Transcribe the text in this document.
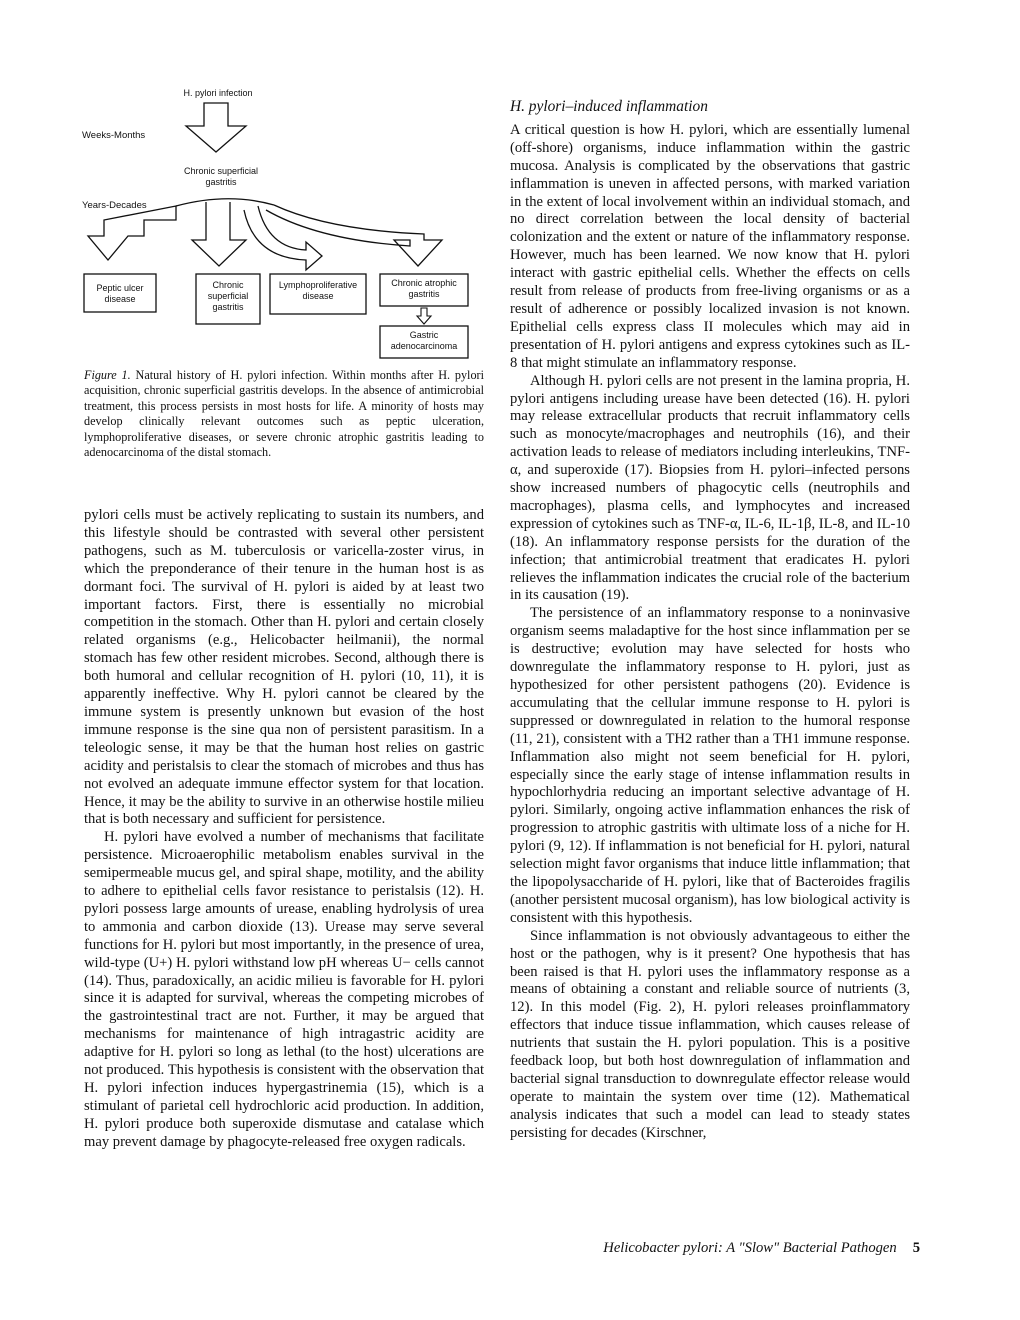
H. pylori infection
Weeks-Months
Years-Decades
Chronic superficial
gastritis
Peptic ulcer
disease
Chronic
superficial
gastritis
Lymphoproliferative
disease
Chronic atrophic
gastritis
Gastric
adenocarcinoma
Figure 1. Natural history of H. pylori infection. Within months after H. pylori acquisition, chronic superficial gastritis develops. In the absence of antimicrobial treatment, this process persists in most hosts for life. A minority of hosts may develop clinically relevant outcomes such as peptic ulceration, lymphoproliferative diseases, or severe chronic atrophic gastritis leading to adenocarcinoma of the distal stomach.

pylori cells must be actively replicating to sustain its numbers, and this lifestyle should be contrasted with several other persistent pathogens, such as M. tuberculosis or varicella-zoster virus, in which the preponderance of their tenure in the human host is as dormant foci. The survival of H. pylori is aided by at least two important factors. First, there is essentially no microbial competition in the stomach. Other than H. pylori and certain closely related organisms (e.g., Helicobacter heilmanii), the normal stomach has few other resident microbes. Second, although there is both humoral and cellular recognition of H. pylori (10, 11), it is apparently ineffective. Why H. pylori cannot be cleared by the immune system is presently unknown but evasion of the host immune response is the sine qua non of persistent parasitism. In a teleologic sense, it may be that the human host relies on gastric acidity and peristalsis to clear the stomach of microbes and thus has not evolved an adequate immune effector system for that location. Hence, it may be the ability to survive in an otherwise hostile milieu that is both necessary and sufficient for persistence.

H. pylori have evolved a number of mechanisms that facilitate persistence. Microaerophilic metabolism enables survival in the semipermeable mucus gel, and spiral shape, motility, and the ability to adhere to epithelial cells favor resistance to peristalsis (12). H. pylori possess large amounts of urease, enabling hydrolysis of urea to ammonia and carbon dioxide (13). Urease may serve several functions for H. pylori but most importantly, in the presence of urea, wild-type (U+) H. pylori withstand low pH whereas U− cells cannot (14). Thus, paradoxically, an acidic milieu is favorable for H. pylori since it is adapted for survival, whereas the competing microbes of the gastrointestinal tract are not. Further, it may be argued that mechanisms for maintenance of high intragastric acidity are adaptive for H. pylori so long as lethal (to the host) ulcerations are not produced. This hypothesis is consistent with the observation that H. pylori infection induces hypergastrinemia (15), which is a stimulant of parietal cell hydrochloric acid production. In addition, H. pylori produce both superoxide dismutase and catalase which may prevent damage by phagocyte-released free oxygen radicals.

H. pylori–induced inflammation

A critical question is how H. pylori, which are essentially lumenal (off-shore) organisms, induce inflammation within the gastric mucosa. Analysis is complicated by the observations that gastric inflammation is uneven in affected persons, with marked variation in the extent of local involvement within an individual stomach, and no direct correlation between the local density of bacterial colonization and the extent or nature of the inflammatory response. However, much has been learned. We now know that H. pylori interact with gastric epithelial cells. Whether the effects on cells result from release of products from free-living organisms or as a result of adherence or possibly localized invasion is not known. Epithelial cells express class II molecules which may aid in presentation of H. pylori antigens and express cytokines such as IL-8 that might stimulate an inflammatory response.

Although H. pylori cells are not present in the lamina propria, H. pylori antigens including urease have been detected (16). H. pylori may release extracellular products that recruit inflammatory cells such as monocyte/macrophages and neutrophils (16), and their activation leads to release of mediators including interleukins, TNF-α, and superoxide (17). Biopsies from H. pylori–infected persons show increased numbers of phagocytic cells (neutrophils and macrophages), plasma cells, and lymphocytes and increased expression of cytokines such as TNF-α, IL-6, IL-1β, IL-8, and IL-10 (18). An inflammatory response persists for the duration of the infection; that antimicrobial treatment that eradicates H. pylori relieves the inflammation indicates the crucial role of the bacterium in its causation (19).

The persistence of an inflammatory response to a noninvasive organism seems maladaptive for the host since inflammation per se is destructive; evolution may have selected for hosts who downregulate the inflammatory response to H. pylori, just as hypothesized for other persistent pathogens (20). Evidence is accumulating that the cellular immune response to H. pylori is suppressed or downregulated in relation to the humoral response (11, 21), consistent with a TH2 rather than a TH1 immune response. Inflammation also might not seem beneficial for H. pylori, especially since the early stage of intense inflammation results in hypochlorhydria reducing an important selective advantage of H. pylori. Similarly, ongoing active inflammation enhances the risk of progression to atrophic gastritis with ultimate loss of a niche for H. pylori (9, 12). If inflammation is not beneficial for H. pylori, natural selection might favor organisms that induce little inflammation; that the lipopolysaccharide of H. pylori, like that of Bacteroides fragilis (another persistent mucosal organism), has low biological activity is consistent with this hypothesis.

Since inflammation is not obviously advantageous to either the host or the pathogen, why is it present? One hypothesis that has been raised is that H. pylori uses the inflammatory response as a means of obtaining a constant and reliable source of nutrients (3, 12). In this model (Fig. 2), H. pylori releases proinflammatory effectors that induce tissue inflammation, which causes release of nutrients that sustain the H. pylori population. This is a positive feedback loop, but both host downregulation of inflammation and bacterial signal transduction to downregulate effector release would operate to maintain the system over time (12). Mathematical analysis indicates that such a model can lead to steady states persisting for decades (Kirschner,

Helicobacter pylori: A "Slow" Bacterial Pathogen 5
